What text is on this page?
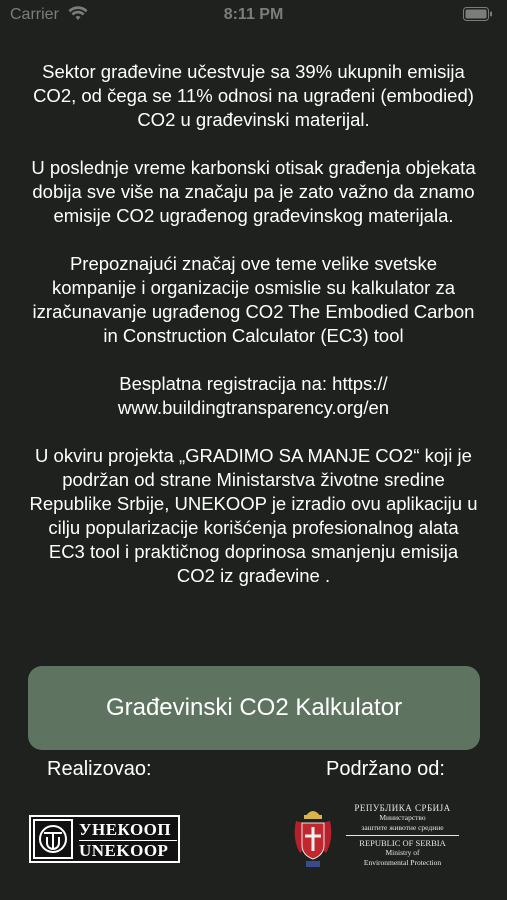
Carrier	8:11 PM

Sektor građevine učestvuje sa 39% ukupnih emisija CO2, od čega se 11% odnosi na ugrađeni (embodied) CO2 u građevinski materijal.

U poslednje vreme karbonski otisak građenja objekata dobija sve više na značaju pa je zato važno da znamo emisije CO2 ugrađenog građevinskog materijala.

Prepoznajući značaj ove teme velike svetske kompanije i organizacije osmislie su kalkulator za izračunavanje ugrađenog CO2 The Embodied Carbon in Construction Calculator (EC3) tool

Besplatna registracija na: https:// www.buildingtransparency.org/en

U okviru projekta „GRADIMO SA MANJE CO2“ koji je podržan od strane Ministarstva životne sredine Republike Srbije, UNEKOOP je izradio ovu aplikaciju u cilju popularizacije korišćenja profesionalnog alata EC3 tool i praktičnog doprinosa smanjenju emisija CO2 iz građevine .

Građevinski CO2 Kalkulator
Realizovao:	Podržano od:
УНЕКООП
UNEKOOP
РЕПУБЛИКА СРБИЈА
Министарство
заштите животне средине
REPUBLIC OF SERBIA
Ministry of
Environmental Protection
